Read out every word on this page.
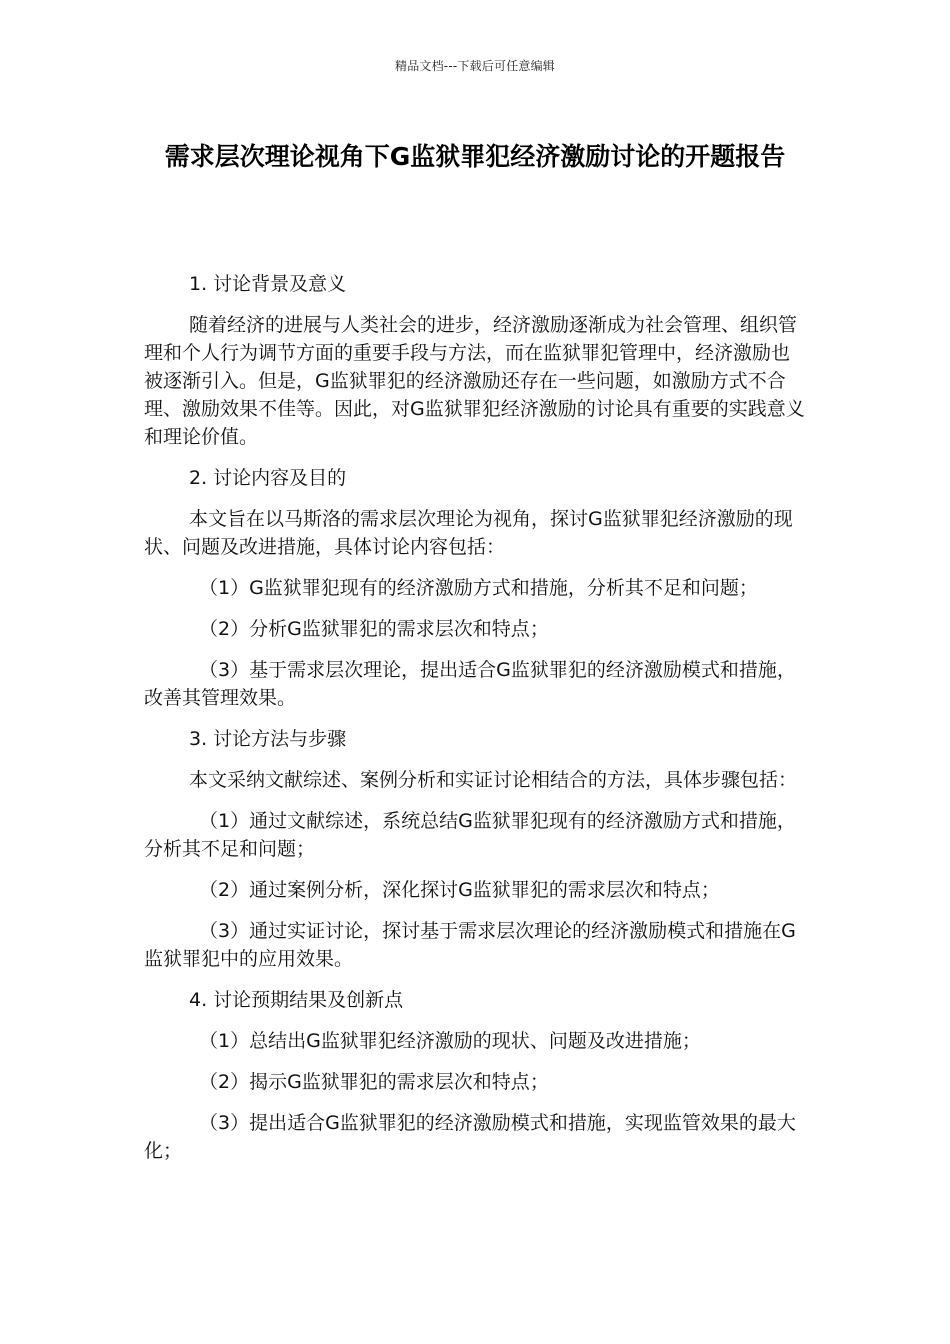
精品文档---下载后可任意编辑
需求层次理论视角下G监狱罪犯经济激励讨论的开题报告

1. 讨论背景及意义

随着经济的进展与人类社会的进步，经济激励逐渐成为社会管理、组织管理和个人行为调节方面的重要手段与方法，而在监狱罪犯管理中，经济激励也被逐渐引入。但是，G监狱罪犯的经济激励还存在一些问题，如激励方式不合理、激励效果不佳等。因此，对G监狱罪犯经济激励的讨论具有重要的实践意义和理论价值。

2. 讨论内容及目的

本文旨在以马斯洛的需求层次理论为视角，探讨G监狱罪犯经济激励的现状、问题及改进措施，具体讨论内容包括：

（1）G监狱罪犯现有的经济激励方式和措施，分析其不足和问题；

（2）分析G监狱罪犯的需求层次和特点；

（3）基于需求层次理论，提出适合G监狱罪犯的经济激励模式和措施，改善其管理效果。

3. 讨论方法与步骤

本文采纳文献综述、案例分析和实证讨论相结合的方法，具体步骤包括：

（1）通过文献综述，系统总结G监狱罪犯现有的经济激励方式和措施，分析其不足和问题；

（2）通过案例分析，深化探讨G监狱罪犯的需求层次和特点；

（3）通过实证讨论，探讨基于需求层次理论的经济激励模式和措施在G监狱罪犯中的应用效果。

4. 讨论预期结果及创新点

（1）总结出G监狱罪犯经济激励的现状、问题及改进措施；

（2）揭示G监狱罪犯的需求层次和特点；

（3）提出适合G监狱罪犯的经济激励模式和措施，实现监管效果的最大化；
